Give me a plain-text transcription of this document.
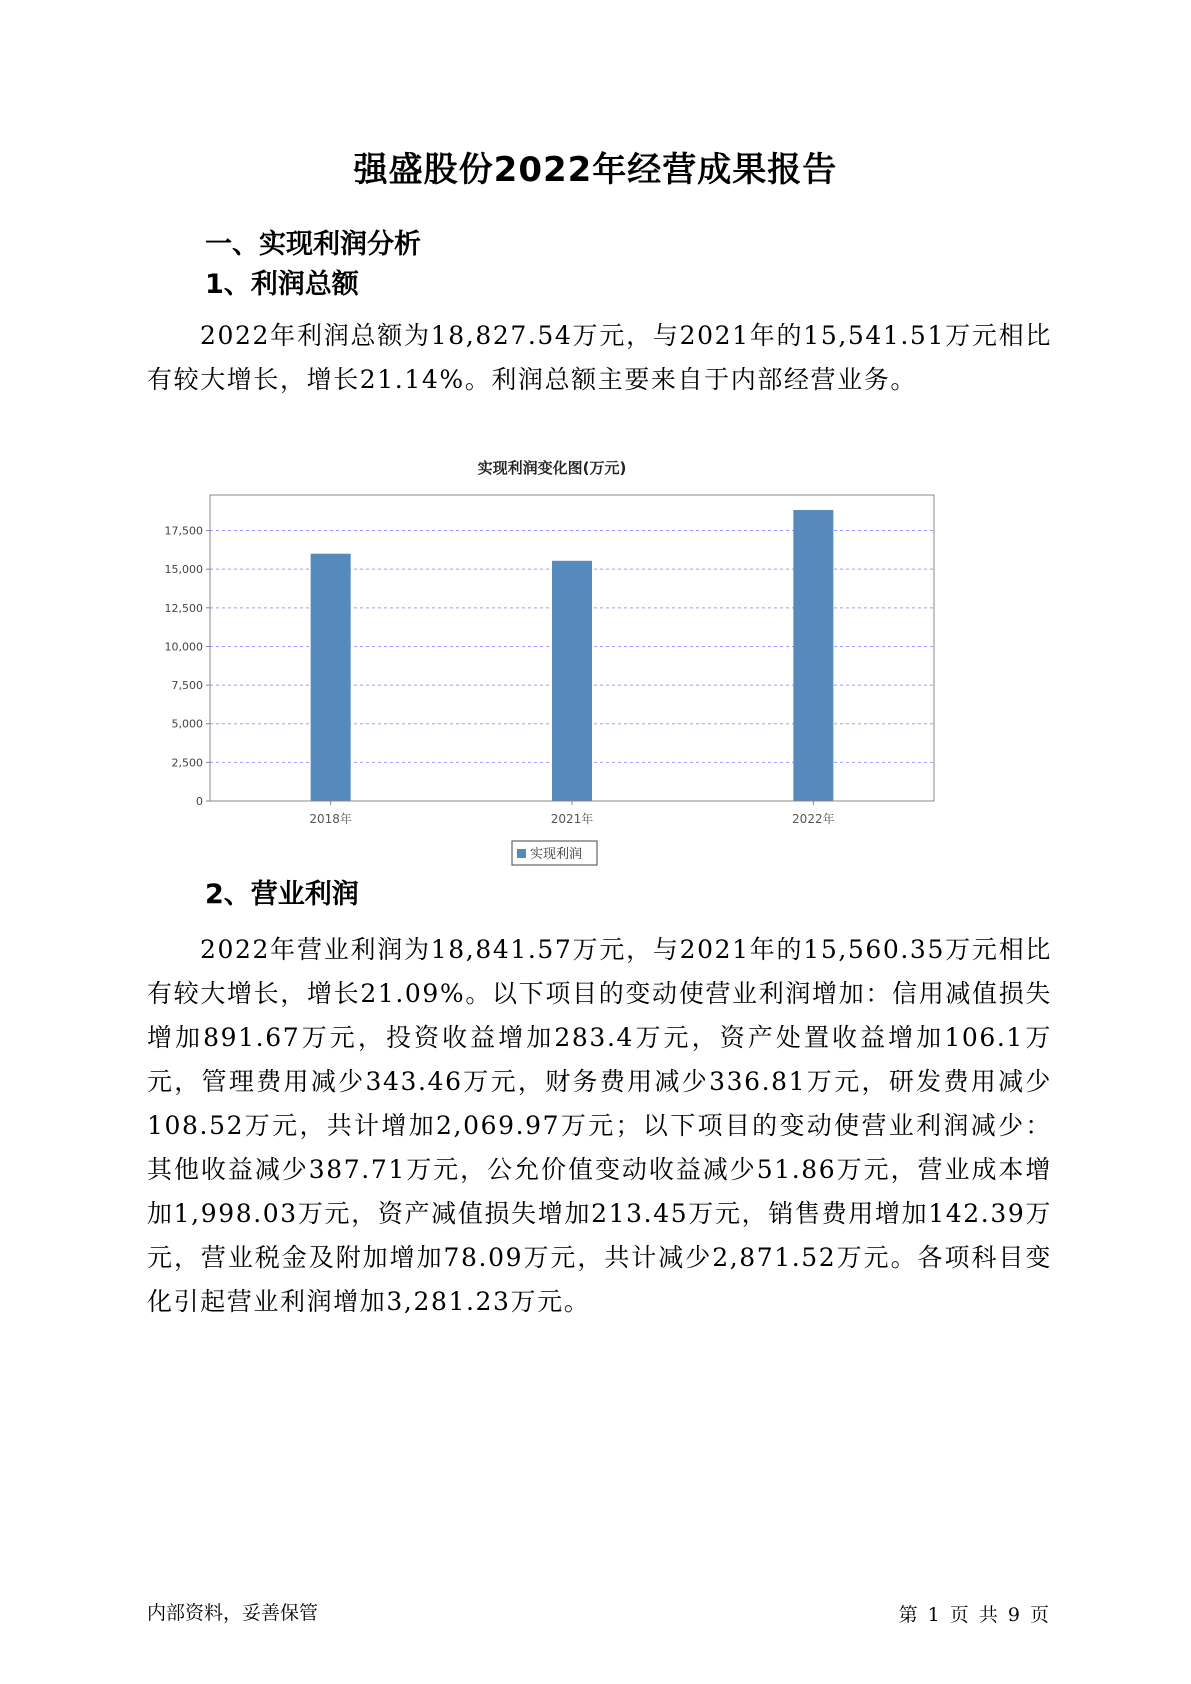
强盛股份2022年经营成果报告
一、实现利润分析
1、利润总额

2022年利润总额为18,827.54万元，与2021年的15,541.51万元相比有较大增长，增长21.14%。利润总额主要来自于内部经营业务。

实现利润变化图(万元)
0
2,500
5,000
7,500
10,000
12,500
15,000
17,500
2018年	2021年	2022年
实现利润
2、营业利润

2022年营业利润为18,841.57万元，与2021年的15,560.35万元相比有较大增长，增长21.09%。以下项目的变动使营业利润增加：信用减值损失增加891.67万元，投资收益增加283.4万元，资产处置收益增加106.1万元，管理费用减少343.46万元，财务费用减少336.81万元，研发费用减少108.52万元，共计增加2,069.97万元；以下项目的变动使营业利润减少：其他收益减少387.71万元，公允价值变动收益减少51.86万元，营业成本增加1,998.03万元，资产减值损失增加213.45万元，销售费用增加142.39万元，营业税金及附加增加78.09万元，共计减少2,871.52万元。各项科目变化引起营业利润增加3,281.23万元。

内部资料，妥善保管	第 1 页 共 9 页
